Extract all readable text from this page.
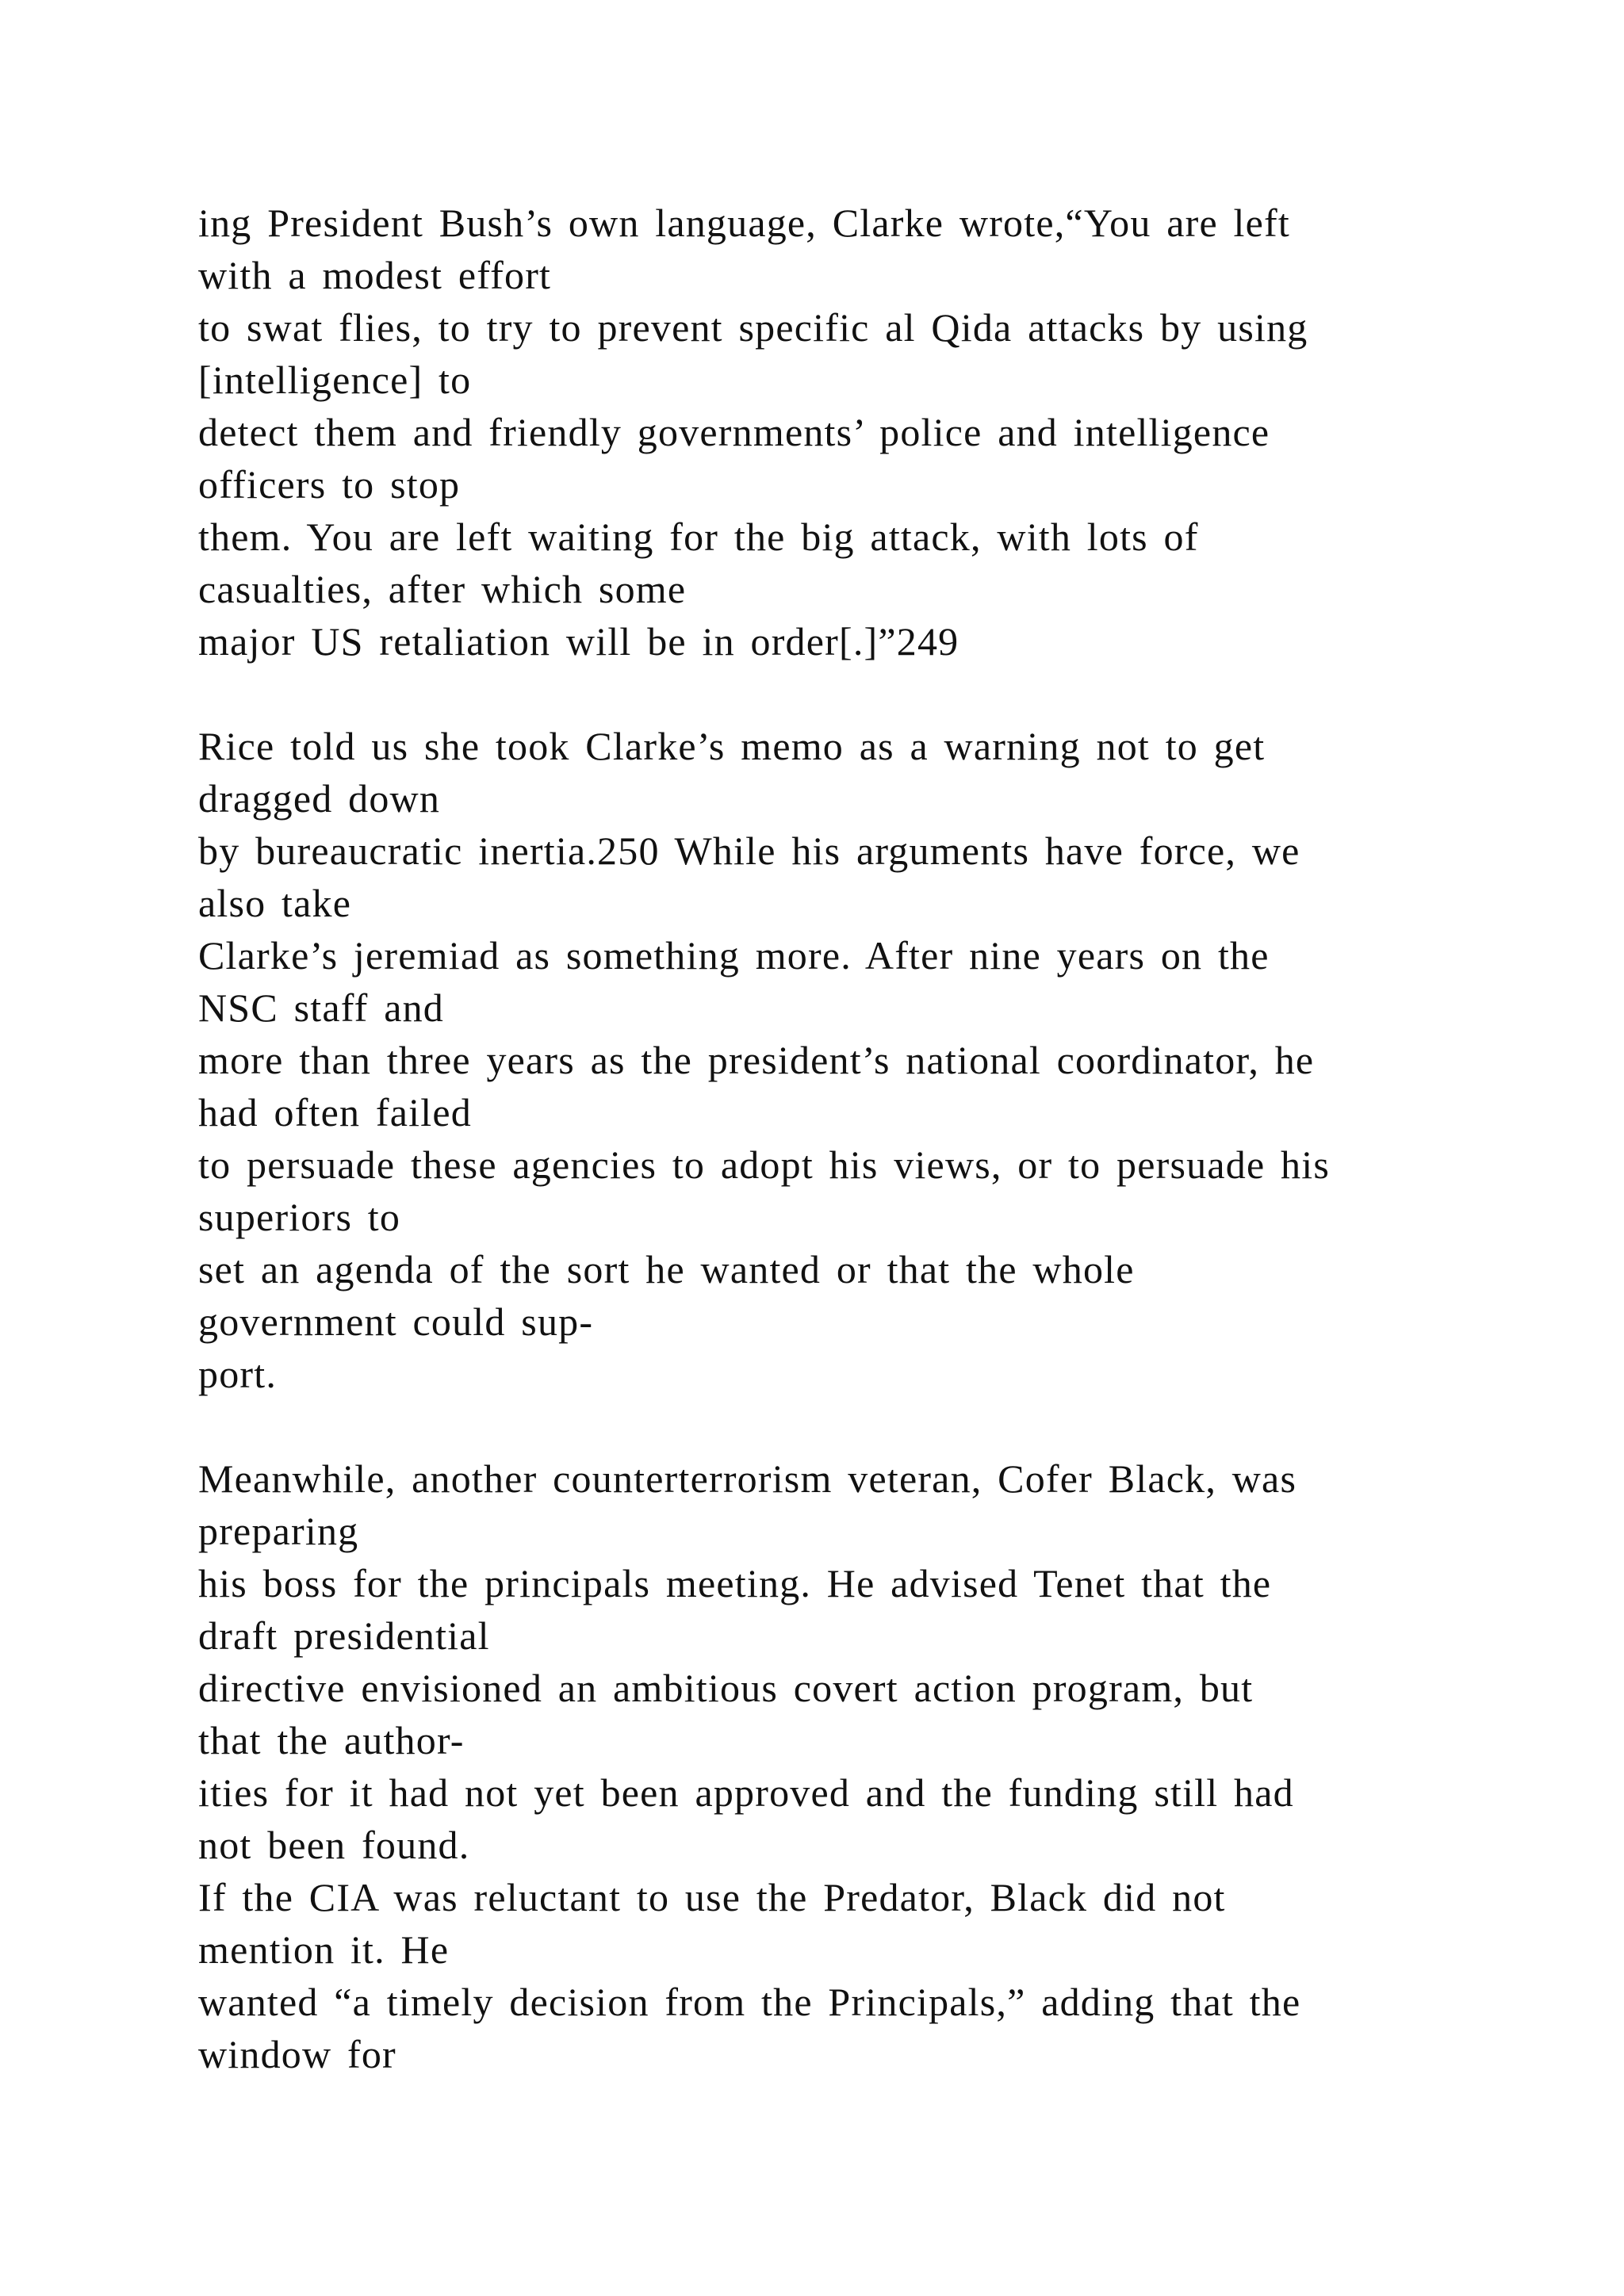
ing President Bush’s own language, Clarke wrote,“You are left
with a modest effort
to swat flies, to try to prevent specific al Qida attacks by using
[intelligence] to
detect them and friendly governments’ police and intelligence
officers to stop
them. You are left waiting for the big attack, with lots of
casualties, after which some
major US retaliation will be in order[.]”249
Rice told us she took Clarke’s memo as a warning not to get
dragged down
by bureaucratic inertia.250 While his arguments have force, we
also take
Clarke’s jeremiad as something more. After nine years on the
NSC staff and
more than three years as the president’s national coordinator, he
had often failed
to persuade these agencies to adopt his views, or to persuade his
superiors to
set an agenda of the sort he wanted or that the whole
government could sup-
port.
Meanwhile, another counterterrorism veteran, Cofer Black, was
preparing
his boss for the principals meeting. He advised Tenet that the
draft presidential
directive envisioned an ambitious covert action program, but
that the author-
ities for it had not yet been approved and the funding still had
not been found.
If the CIA was reluctant to use the Predator, Black did not
mention it. He
wanted “a timely decision from the Principals,” adding that the
window for
